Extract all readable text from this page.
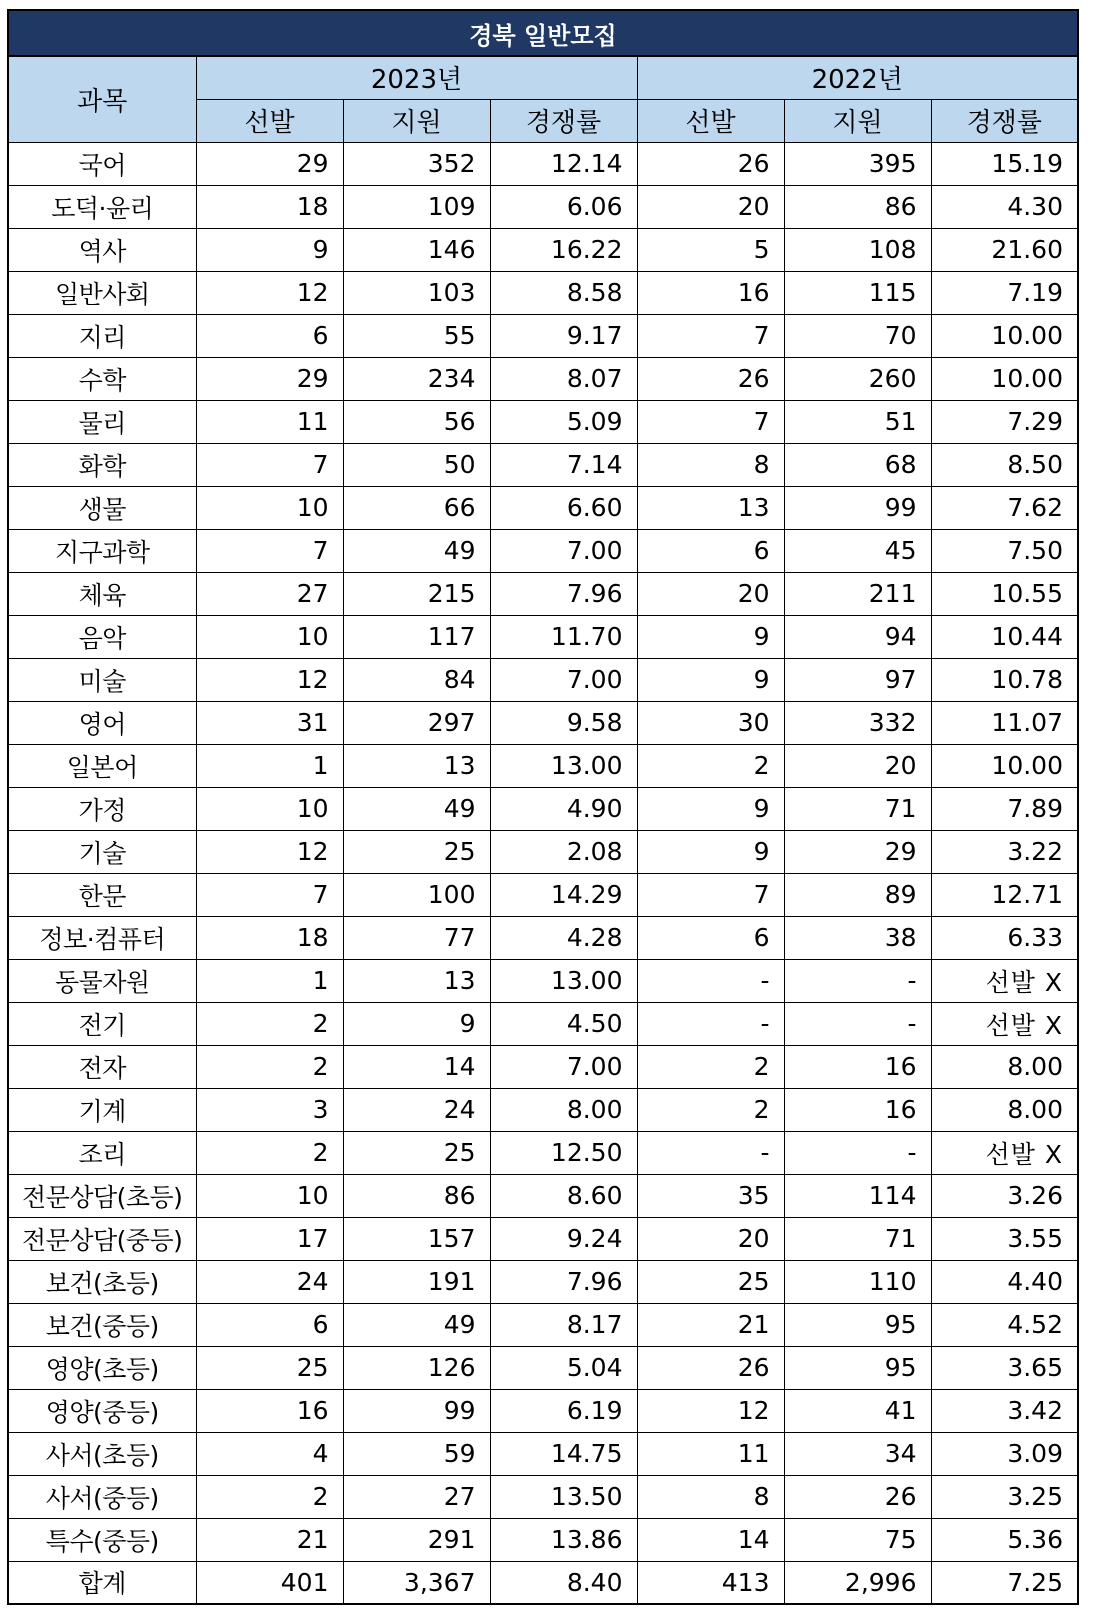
경북 일반모집						
과목	2023년			2022년		
	선발	지원	경쟁률	선발	지원	경쟁률
국어	29	352	12.14	26	395	15.19
도덕·윤리	18	109	6.06	20	86	4.30
역사	9	146	16.22	5	108	21.60
일반사회	12	103	8.58	16	115	7.19
지리	6	55	9.17	7	70	10.00
수학	29	234	8.07	26	260	10.00
물리	11	56	5.09	7	51	7.29
화학	7	50	7.14	8	68	8.50
생물	10	66	6.60	13	99	7.62
지구과학	7	49	7.00	6	45	7.50
체육	27	215	7.96	20	211	10.55
음악	10	117	11.70	9	94	10.44
미술	12	84	7.00	9	97	10.78
영어	31	297	9.58	30	332	11.07
일본어	1	13	13.00	2	20	10.00
가정	10	49	4.90	9	71	7.89
기술	12	25	2.08	9	29	3.22
한문	7	100	14.29	7	89	12.71
정보·컴퓨터	18	77	4.28	6	38	6.33
동물자원	1	13	13.00	-	-	선발 X
전기	2	9	4.50	-	-	선발 X
전자	2	14	7.00	2	16	8.00
기계	3	24	8.00	2	16	8.00
조리	2	25	12.50	-	-	선발 X
전문상담(초등)	10	86	8.60	35	114	3.26
전문상담(중등)	17	157	9.24	20	71	3.55
보건(초등)	24	191	7.96	25	110	4.40
보건(중등)	6	49	8.17	21	95	4.52
영양(초등)	25	126	5.04	26	95	3.65
영양(중등)	16	99	6.19	12	41	3.42
사서(초등)	4	59	14.75	11	34	3.09
사서(중등)	2	27	13.50	8	26	3.25
특수(중등)	21	291	13.86	14	75	5.36
합계	401	3,367	8.40	413	2,996	7.25
